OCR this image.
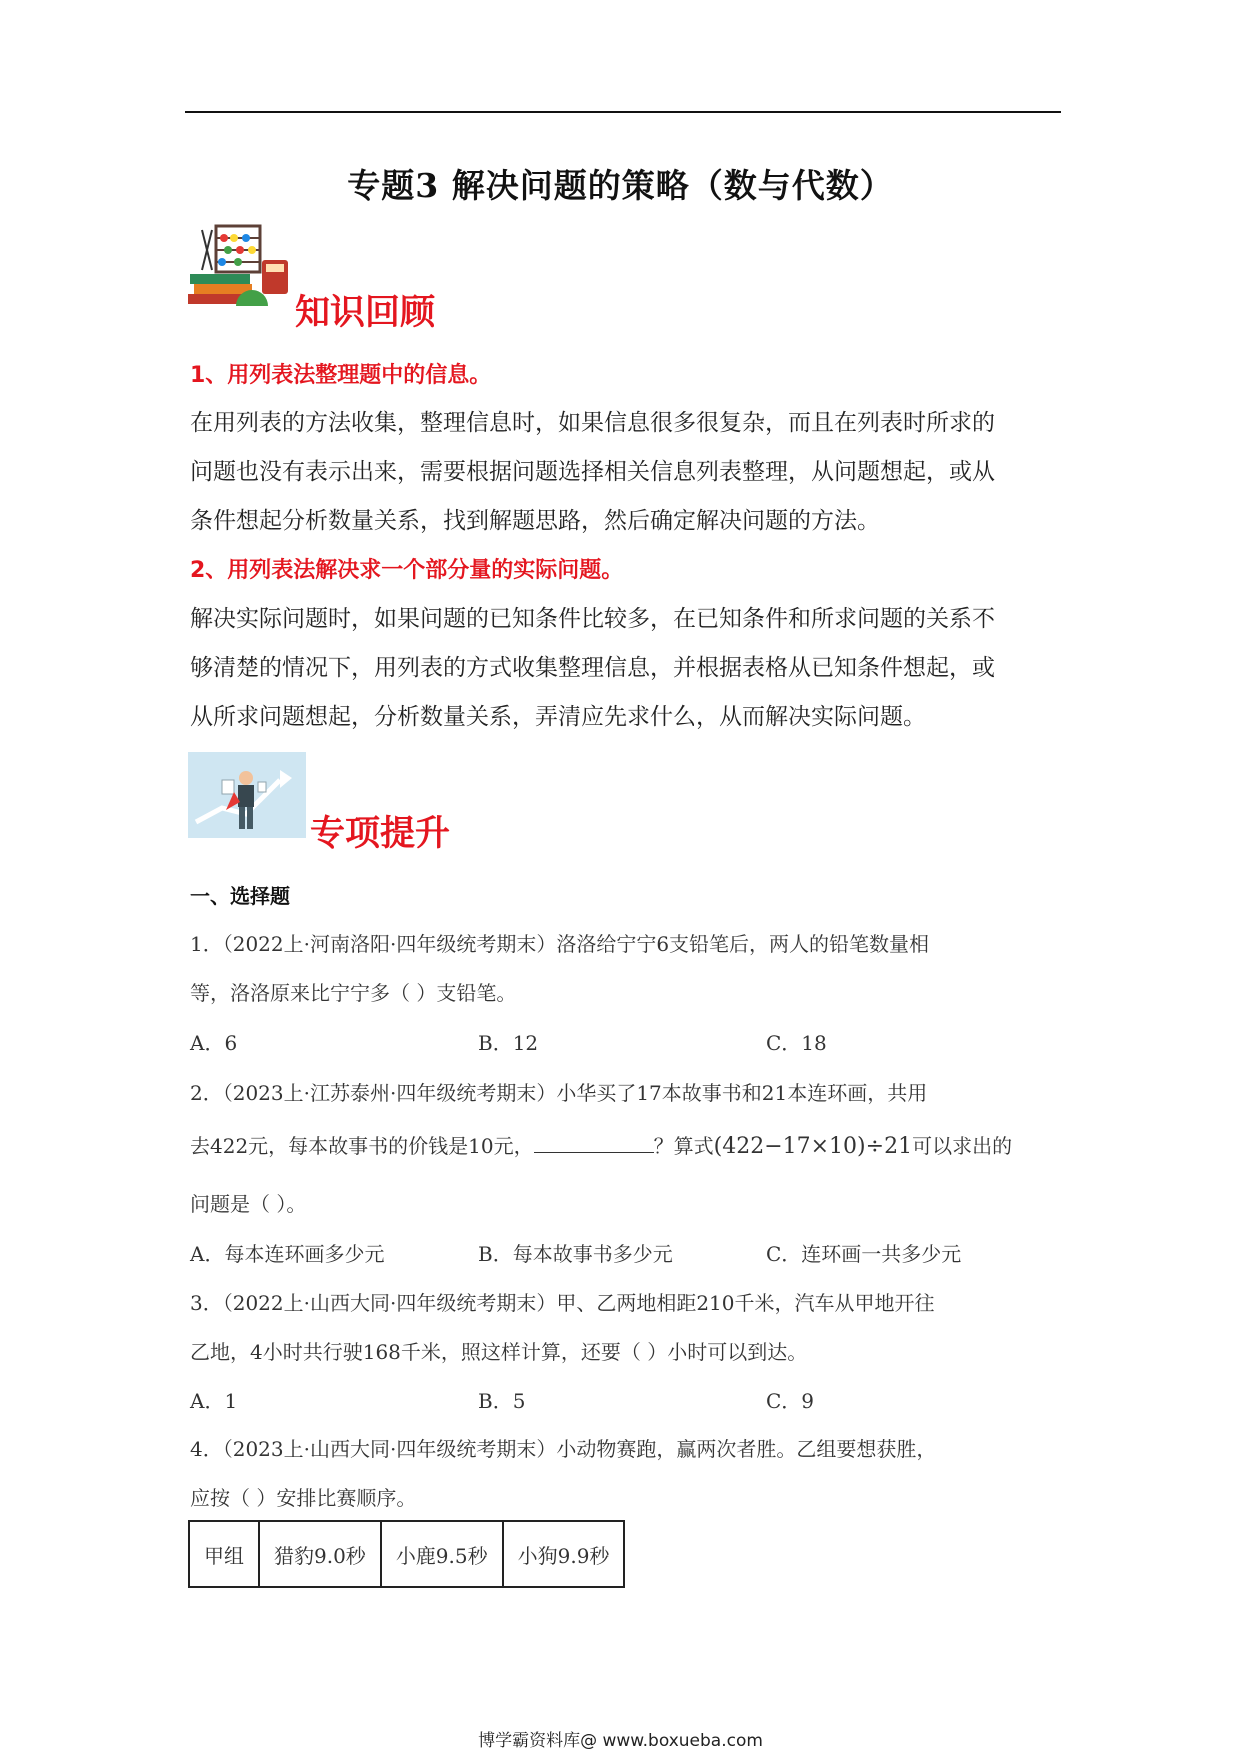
专题3 解决问题的策略（数与代数）
知识回顾
1、用列表法整理题中的信息。
在用列表的方法收集，整理信息时，如果信息很多很复杂，而且在列表时所求的
问题也没有表示出来，需要根据问题选择相关信息列表整理，从问题想起，或从
条件想起分析数量关系，找到解题思路，然后确定解决问题的方法。
2、用列表法解决求一个部分量的实际问题。
解决实际问题时，如果问题的已知条件比较多，在已知条件和所求问题的关系不
够清楚的情况下，用列表的方式收集整理信息，并根据表格从已知条件想起，或
从所求问题想起，分析数量关系，弄清应先求什么，从而解决实际问题。
专项提升
一、选择题
1．（2022上·河南洛阳·四年级统考期末）洛洛给宁宁6支铅笔后，两人的铅笔数量相
等，洛洛原来比宁宁多（ ）支铅笔。
A．6	B．12	C．18
2．（2023上·江苏泰州·四年级统考期末）小华买了17本故事书和21本连环画，共用
去422元，每本故事书的价钱是10元，	？算式(422−17×10)÷21可以求出的
问题是（ ）。
A．每本连环画多少元	B．每本故事书多少元	C．连环画一共多少元
3．（2022上·山西大同·四年级统考期末）甲、乙两地相距210千米，汽车从甲地开往
乙地，4小时共行驶168千米，照这样计算，还要（ ）小时可以到达。
A．1	B．5	C．9
4．（2023上·山西大同·四年级统考期末）小动物赛跑，赢两次者胜。乙组要想获胜，
应按（ ）安排比赛顺序。
甲组	猎豹9.0秒	小鹿9.5秒	小狗9.9秒
博学霸资料库@ www.boxueba.com
